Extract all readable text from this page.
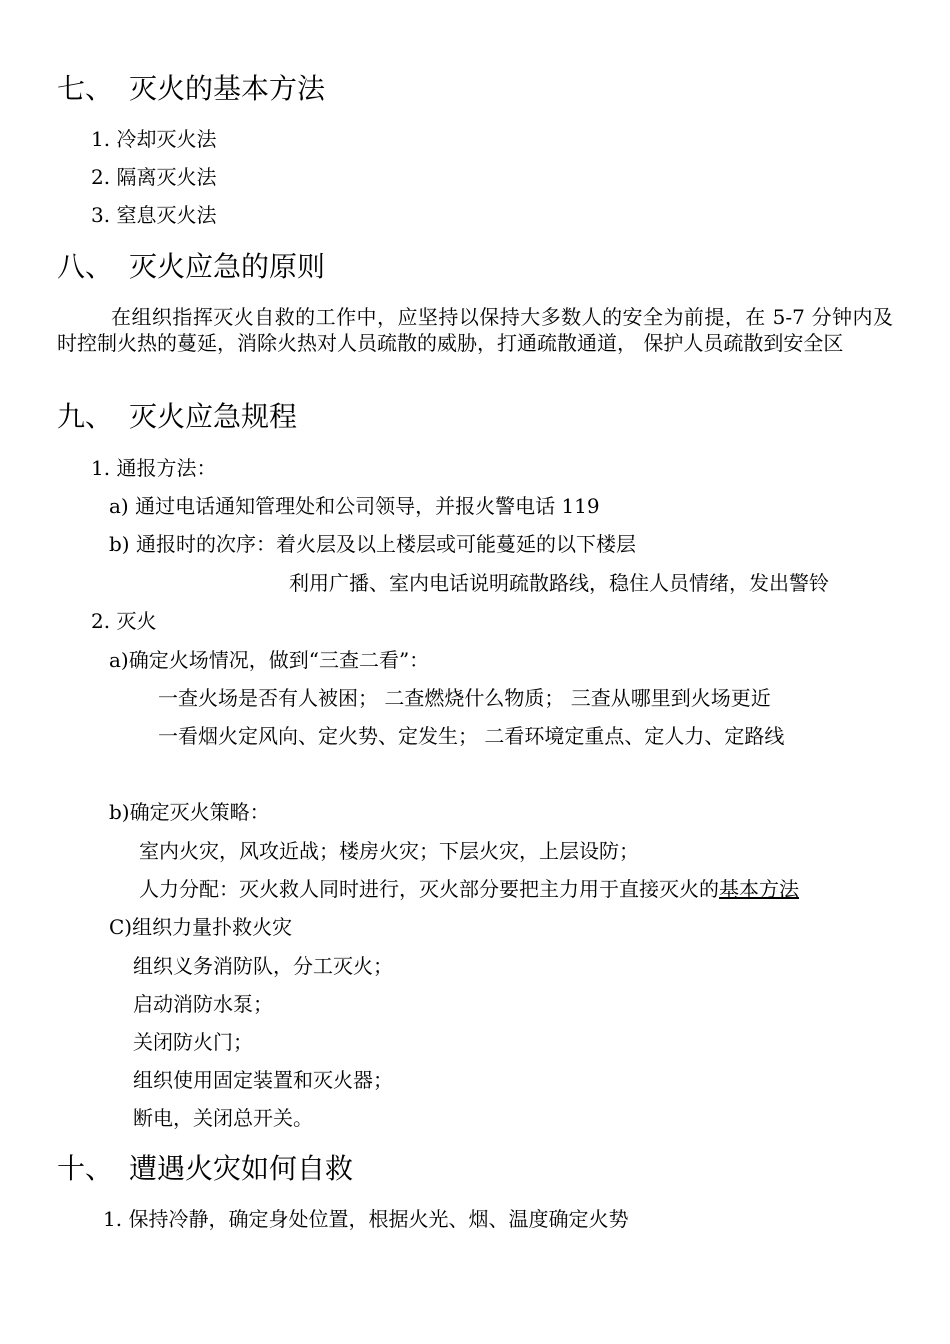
七、 灭火的基本方法
1. 冷却灭火法
2. 隔离灭火法
3. 窒息灭火法
八、 灭火应急的原则
在组织指挥灭火自救的工作中，应坚持以保持大多数人的安全为前提，在 5-7 分钟内及时控制火热的蔓延，消除火热对人员疏散的威胁，打通疏散通道， 保护人员疏散到安全区
九、 灭火应急规程
1. 通报方法：
a) 通过电话通知管理处和公司领导，并报火警电话 119
b) 通报时的次序：着火层及以上楼层或可能蔓延的以下楼层
利用广播、室内电话说明疏散路线，稳住人员情绪，发出警铃
2. 灭火
a)确定火场情况，做到“三查二看”：
一查火场是否有人被困； 二查燃烧什么物质； 三查从哪里到火场更近
一看烟火定风向、定火势、定发生； 二看环境定重点、定人力、定路线
b)确定灭火策略：
室内火灾，风攻近战；楼房火灾；下层火灾，上层设防；
人力分配：灭火救人同时进行，灭火部分要把主力用于直接灭火的基本方法
C)组织力量扑救火灾
组织义务消防队，分工灭火；
启动消防水泵；
关闭防火门；
组织使用固定装置和灭火器；
断电，关闭总开关。
十、 遭遇火灾如何自救
1. 保持冷静，确定身处位置，根据火光、烟、温度确定火势
